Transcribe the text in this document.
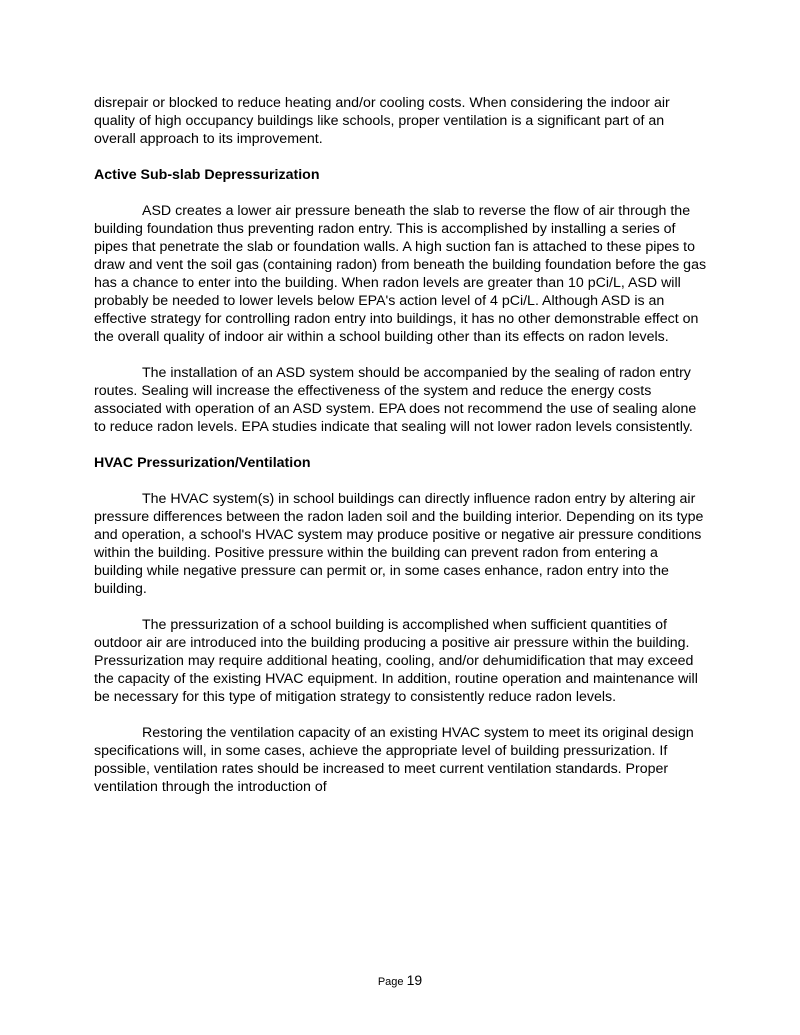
disrepair or blocked to reduce heating and/or cooling costs. When considering the indoor air quality of high occupancy buildings like schools, proper ventilation is a significant part of an overall approach to its improvement.

Active Sub-slab Depressurization

ASD creates a lower air pressure beneath the slab to reverse the flow of air through the building foundation thus preventing radon entry. This is accomplished by installing a series of pipes that penetrate the slab or foundation walls. A high suction fan is attached to these pipes to draw and vent the soil gas (containing radon) from beneath the building foundation before the gas has a chance to enter into the building. When radon levels are greater than 10 pCi/L, ASD will probably be needed to lower levels below EPA's action level of 4 pCi/L. Although ASD is an effective strategy for controlling radon entry into buildings, it has no other demonstrable effect on the overall quality of indoor air within a school building other than its effects on radon levels.

The installation of an ASD system should be accompanied by the sealing of radon entry routes. Sealing will increase the effectiveness of the system and reduce the energy costs associated with operation of an ASD system. EPA does not recommend the use of sealing alone to reduce radon levels. EPA studies indicate that sealing will not lower radon levels consistently.

HVAC Pressurization/Ventilation

The HVAC system(s) in school buildings can directly influence radon entry by altering air pressure differences between the radon laden soil and the building interior. Depending on its type and operation, a school's HVAC system may produce positive or negative air pressure conditions within the building. Positive pressure within the building can prevent radon from entering a building while negative pressure can permit or, in some cases enhance, radon entry into the building.

The pressurization of a school building is accomplished when sufficient quantities of outdoor air are introduced into the building producing a positive air pressure within the building. Pressurization may require additional heating, cooling, and/or dehumidification that may exceed the capacity of the existing HVAC equipment. In addition, routine operation and maintenance will be necessary for this type of mitigation strategy to consistently reduce radon levels.

Restoring the ventilation capacity of an existing HVAC system to meet its original design specifications will, in some cases, achieve the appropriate level of building pressurization. If possible, ventilation rates should be increased to meet current ventilation standards. Proper ventilation through the introduction of

Page 19
